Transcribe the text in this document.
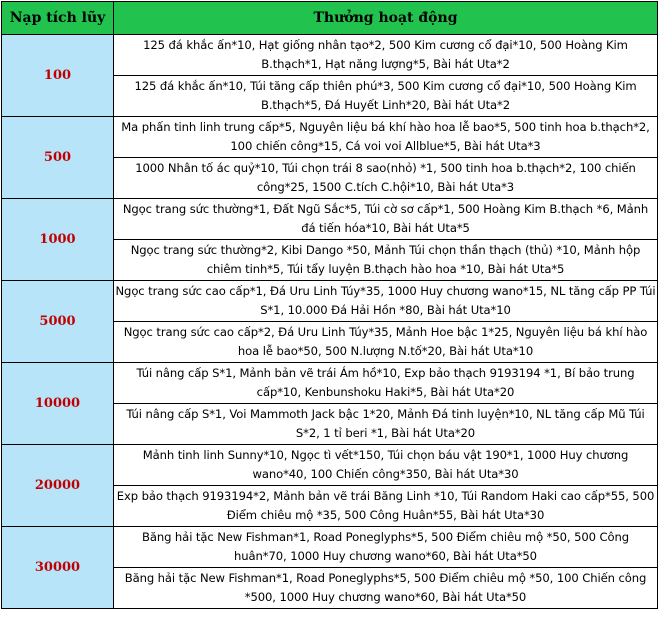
Nạp tích lũy	Thưởng hoạt động
100	125 đá khắc ấn*10, Hạt giống nhân tạo*2, 500 Kim cương cổ đại*10, 500 Hoàng Kim B.thạch*1, Hạt năng lượng*5, Bài hát Uta*2
	125 đá khắc ấn*10, Túi tăng cấp thiên phú*3, 500 Kim cương cổ đại*10, 500 Hoàng Kim B.thạch*5, Đá Huyết Linh*20, Bài hát Uta*2
500	Ma phấn tinh linh trung cấp*5, Nguyên liệu bá khí hào hoa lễ bao*5, 500 tinh hoa b.thạch*2, 100 chiến công*15, Cá voi voi Allblue*5, Bài hát Uta*3
	1000 Nhân tố ác quỷ*10, Túi chọn trái 8 sao(nhỏ) *1, 500 tinh hoa b.thạch*2, 100 chiến công*25, 1500 C.tích C.hội*10, Bài hát Uta*3
1000	Ngọc trang sức thường*1, Đất Ngũ Sắc*5, Túi cờ sơ cấp*1, 500 Hoàng Kim B.thạch *6, Mảnh đá tiến hóa*10, Bài hát Uta*5
	Ngọc trang sức thường*2, Kibi Dango *50, Mảnh Túi chọn thần thạch (thủ) *10, Mảnh hộp chiêm tinh*5, Túi tẩy luyện B.thạch hào hoa *10, Bài hát Uta*5
5000	Ngọc trang sức cao cấp*1, Đá Uru Linh Túy*35, 1000 Huy chương wano*15, NL tăng cấp PP Túi S*1, 10.000 Đá Hải Hồn *80, Bài hát Uta*10
	Ngọc trang sức cao cấp*2, Đá Uru Linh Túy*35, Mảnh Hoe bậc 1*25, Nguyên liệu bá khí hào hoa lễ bao*50, 500 N.lượng N.tố*20, Bài hát Uta*10
10000	Túi nâng cấp S*1, Mảnh bản vẽ trái Ám hồ*10, Exp bảo thạch 9193194 *1, Bí bảo trung cấp*10, Kenbunshoku Haki*5, Bài hát Uta*20
	Túi nâng cấp S*1, Voi Mammoth Jack bậc 1*20, Mảnh Đá tinh luyện*10, NL tăng cấp Mũ Túi S*2, 1 tỉ beri *1, Bài hát Uta*20
20000	Mảnh tinh linh Sunny*10, Ngọc tì vết*150, Túi chọn báu vật 190*1, 1000 Huy chương wano*40, 100 Chiến công*350, Bài hát Uta*30
	Exp bảo thạch 9193194*2, Mảnh bản vẽ trái Băng Linh *10, Túi Random Haki cao cấp*55, 500 Điểm chiêu mộ *35, 500 Công Huân*55, Bài hát Uta*30
30000	Băng hải tặc New Fishman*1, Road Poneglyphs*5, 500 Điểm chiêu mộ *50, 500 Công huân*70, 1000 Huy chương wano*60, Bài hát Uta*50
	Băng hải tặc New Fishman*1, Road Poneglyphs*5, 500 Điểm chiêu mộ *50, 100 Chiến công *500, 1000 Huy chương wano*60, Bài hát Uta*50
